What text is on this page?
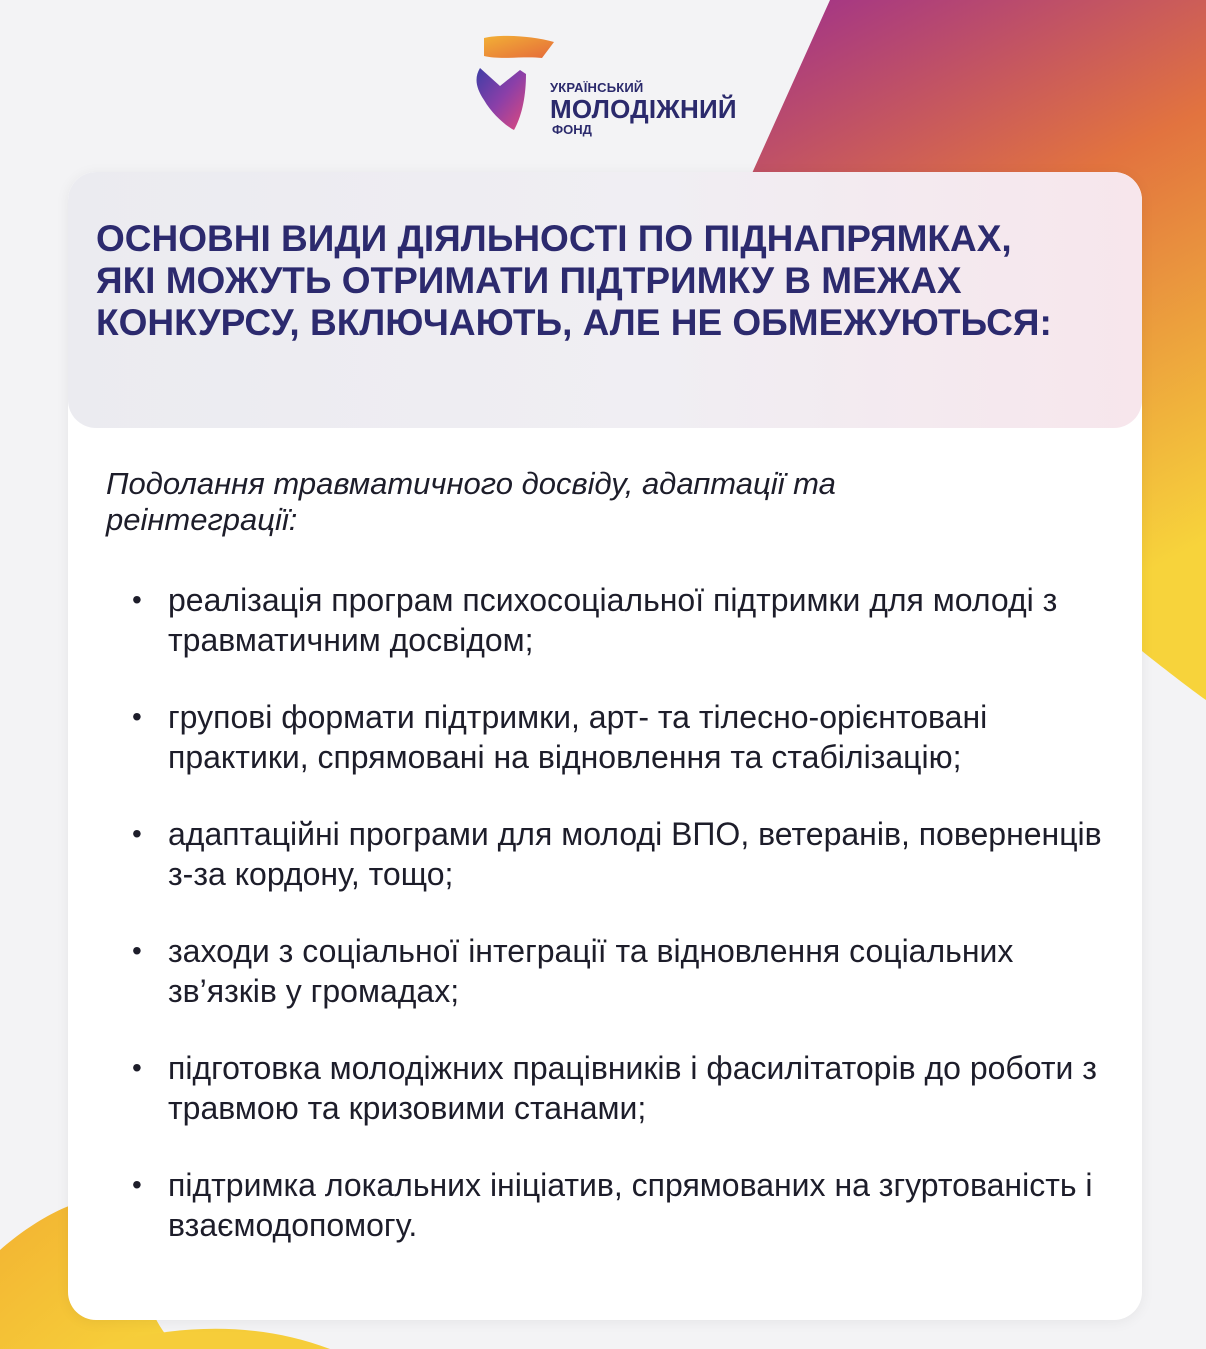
УКРАЇНСЬКИЙ
МОЛОДІЖНИЙ
ФОНД
ОСНОВНІ ВИДИ ДІЯЛЬНОСТІ ПО ПІДНАПРЯМКАХ, ЯКІ МОЖУТЬ ОТРИМАТИ ПІДТРИМКУ В МЕЖАХ КОНКУРСУ, ВКЛЮЧАЮТЬ, АЛЕ НЕ ОБМЕЖУЮТЬСЯ:

Подолання травматичного досвіду, адаптації та реінтеграції:

• реалізація програм психосоціальної підтримки для молоді з травматичним досвідом;
• групові формати підтримки, арт- та тілесно-орієнтовані практики, спрямовані на відновлення та стабілізацію;
• адаптаційні програми для молоді ВПО, ветеранів, поверненців з-за кордону, тощо;
• заходи з соціальної інтеграції та відновлення соціальних зв’язків у громадах;
• підготовка молодіжних працівників і фасилітаторів до роботи з травмою та кризовими станами;
• підтримка локальних ініціатив, спрямованих на згуртованість і взаємодопомогу.
